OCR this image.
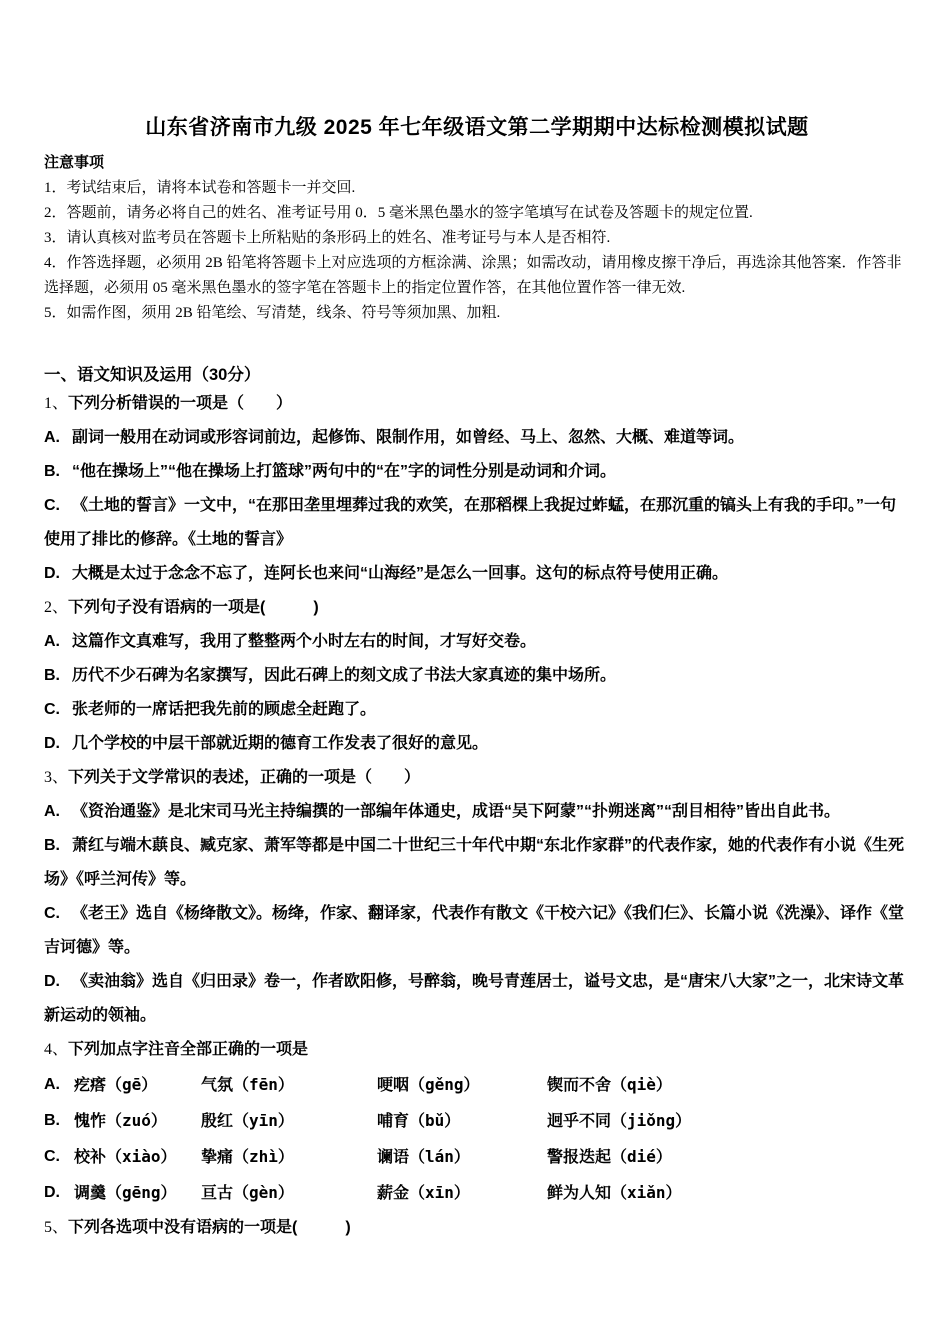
山东省济南市九级 2025 年七年级语文第二学期期中达标检测模拟试题

注意事项

1．考试结束后，请将本试卷和答题卡一并交回.

2．答题前，请务必将自己的姓名、准考证号用 0．5 毫米黑色墨水的签字笔填写在试卷及答题卡的规定位置.

3．请认真核对监考员在答题卡上所粘贴的条形码上的姓名、准考证号与本人是否相符.

4．作答选择题，必须用 2B 铅笔将答题卡上对应选项的方框涂满、涂黑；如需改动，请用橡皮擦干净后，再选涂其他答案．作答非选择题，必须用 05 毫米黑色墨水的签字笔在答题卡上的指定位置作答，在其他位置作答一律无效.

5．如需作图，须用 2B 铅笔绘、写清楚，线条、符号等须加黑、加粗.

一、语文知识及运用（30分）

1、下列分析错误的一项是（　　）

A. 副词一般用在动词或形容词前边，起修饰、限制作用，如曾经、马上、忽然、大概、难道等词。

B. “他在操场上”“他在操场上打篮球”两句中的“在”字的词性分别是动词和介词。

C. 《土地的誓言》一文中，“在那田垄里埋葬过我的欢笑，在那稻棵上我捉过蚱蜢，在那沉重的镐头上有我的手印。”一句使用了排比的修辞。《土地的誓言》

D. 大概是太过于念念不忘了，连阿长也来问“山海经”是怎么一回事。这句的标点符号使用正确。

2、下列句子没有语病的一项是(　　　)

A. 这篇作文真难写，我用了整整两个小时左右的时间，才写好交卷。

B. 历代不少石碑为名家撰写，因此石碑上的刻文成了书法大家真迹的集中场所。

C. 张老师的一席话把我先前的顾虑全赶跑了。

D. 几个学校的中层干部就近期的德育工作发表了很好的意见。

3、下列关于文学常识的表述，正确的一项是（　　）

A. 《资治通鉴》是北宋司马光主持编撰的一部编年体通史，成语“吴下阿蒙”“扑朔迷离”“刮目相待”皆出自此书。

B. 萧红与端木蕻良、臧克家、萧军等都是中国二十世纪三十年代中期“东北作家群”的代表作家，她的代表作有小说《生死场》《呼兰河传》等。

C. 《老王》选自《杨绛散文》。杨绛，作家、翻译家，代表作有散文《干校六记》《我们仨》、长篇小说《洗澡》、译作《堂吉诃德》等。

D. 《卖油翁》选自《归田录》卷一，作者欧阳修，号醉翁，晚号青莲居士，谥号文忠，是“唐宋八大家”之一，北宋诗文革新运动的领袖。

4、下列加点字注音全部正确的一项是

A. 疙瘩（gē）	气氛（fēn）	哽咽（gěng）	锲而不舍（qiè）

B. 愧怍（zuó）	殷红（yīn）	哺育（bǔ）	迥乎不同（jiǒng）

C. 校补（xiào）	挚痛（zhì）	谰语（lán）	警报迭起（dié）

D. 调羹（gēng）	亘古（gèn）	薪金（xīn）	鲜为人知（xiǎn）

5、下列各选项中没有语病的一项是(　　　)
